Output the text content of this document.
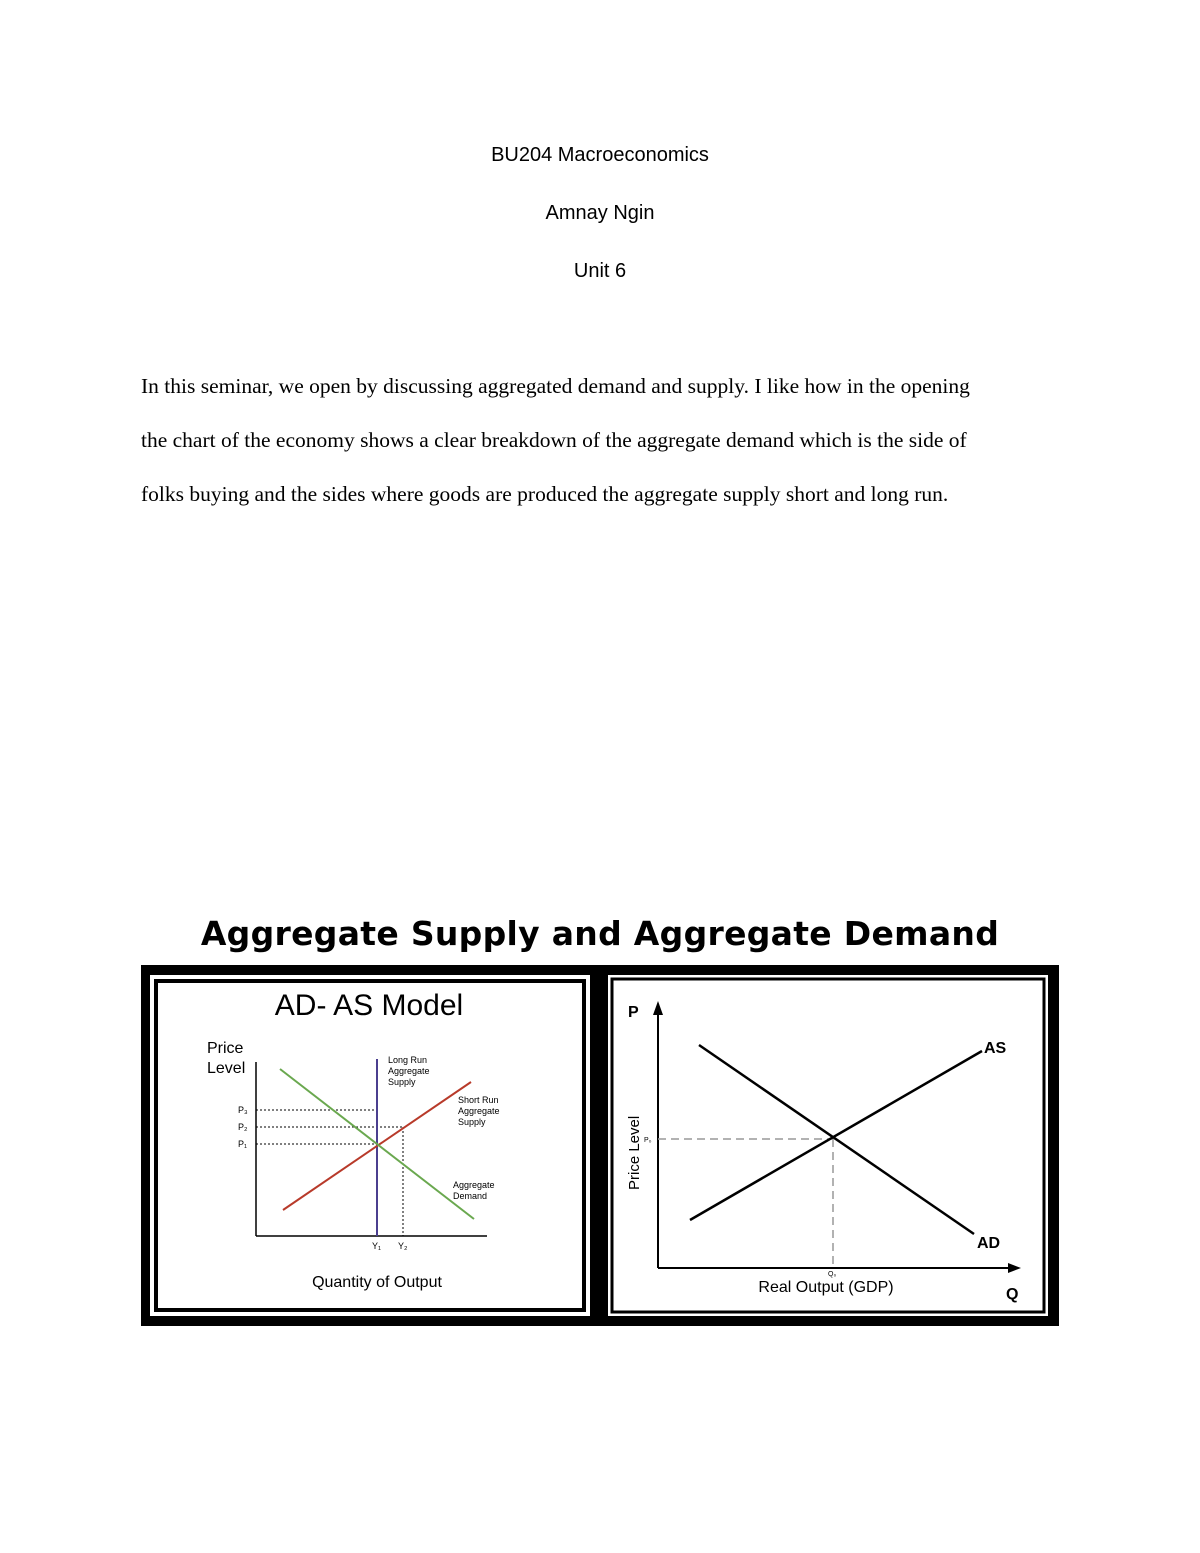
BU204 Macroeconomics
Amnay Ngin
Unit 6

In this seminar, we open by discussing aggregated demand and supply. I like how in the opening
the chart of the economy shows a clear breakdown of the aggregate demand which is the side of
folks buying and the sides where goods are produced the aggregate supply short and long run.

Aggregate Supply and Aggregate Demand
AD- AS Model
Price
Level
P₃
P₂
P₁
Y₁ Y₂
Long Run
Aggregate
Supply
Short Run
Aggregate
Supply
Aggregate
Demand
Quantity of Output
P
Q
Price Level
Real Output (GDP)
P₀
Q₀
AS
AD
